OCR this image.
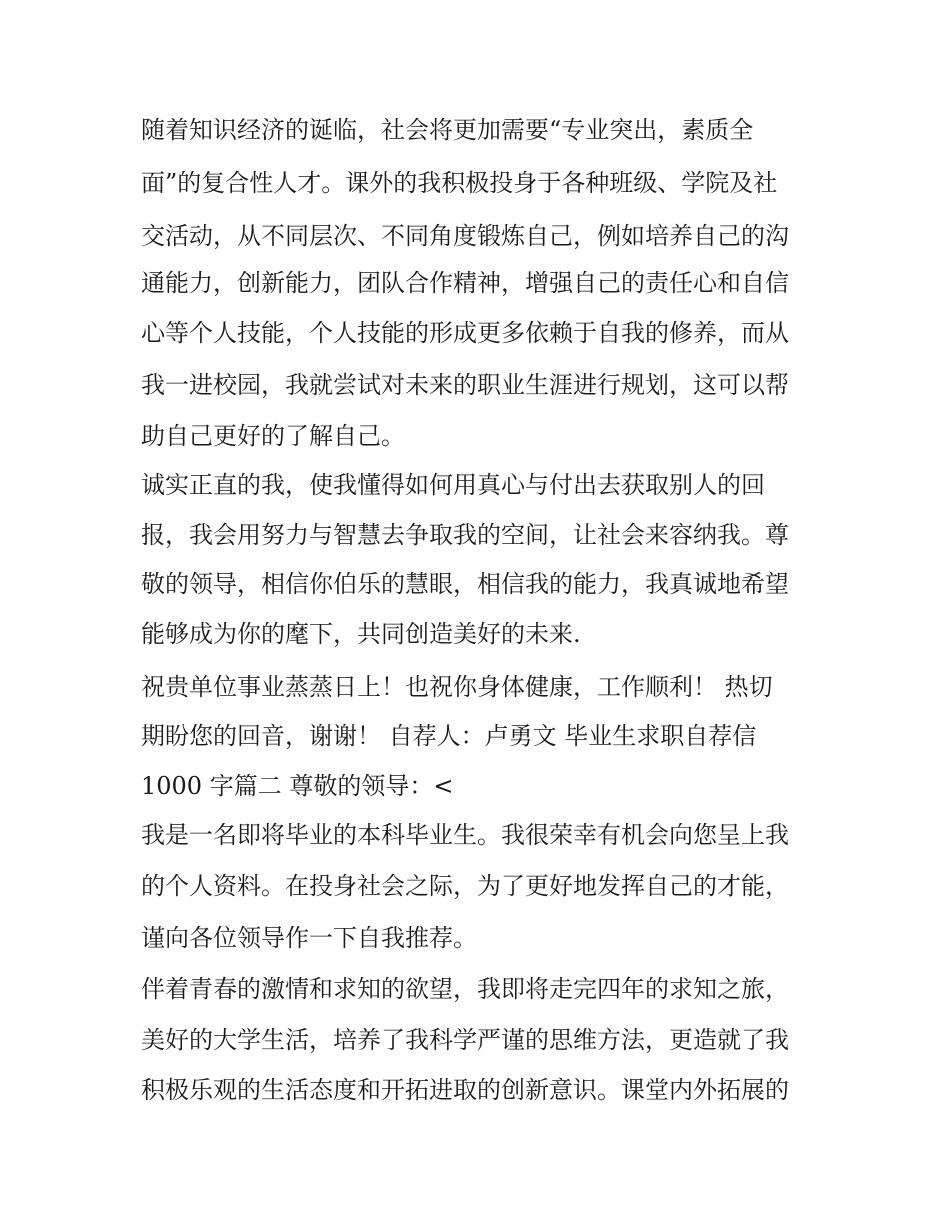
随着知识经济的诞临，社会将更加需要“专业突出，素质全
面”的复合性人才。课外的我积极投身于各种班级、学院及社
交活动，从不同层次、不同角度锻炼自己，例如培养自己的沟
通能力，创新能力，团队合作精神，增强自己的责任心和自信
心等个人技能，个人技能的形成更多依赖于自我的修养，而从
我一进校园，我就尝试对未来的职业生涯进行规划，这可以帮
助自己更好的了解自己。
诚实正直的我，使我懂得如何用真心与付出去获取别人的回
报，我会用努力与智慧去争取我的空间，让社会来容纳我。尊
敬的领导，相信你伯乐的慧眼，相信我的能力，我真诚地希望
能够成为你的麾下，共同创造美好的未来.
祝贵单位事业蒸蒸日上！也祝你身体健康，工作顺利！ 热切
期盼您的回音，谢谢！ 自荐人：卢勇文 毕业生求职自荐信
1000 字篇二 尊敬的领导：<
我是一名即将毕业的本科毕业生。我很荣幸有机会向您呈上我
的个人资料。在投身社会之际，为了更好地发挥自己的才能，
谨向各位领导作一下自我推荐。
伴着青春的激情和求知的欲望，我即将走完四年的求知之旅，
美好的大学生活，培养了我科学严谨的思维方法，更造就了我
积极乐观的生活态度和开拓进取的创新意识。课堂内外拓展的
